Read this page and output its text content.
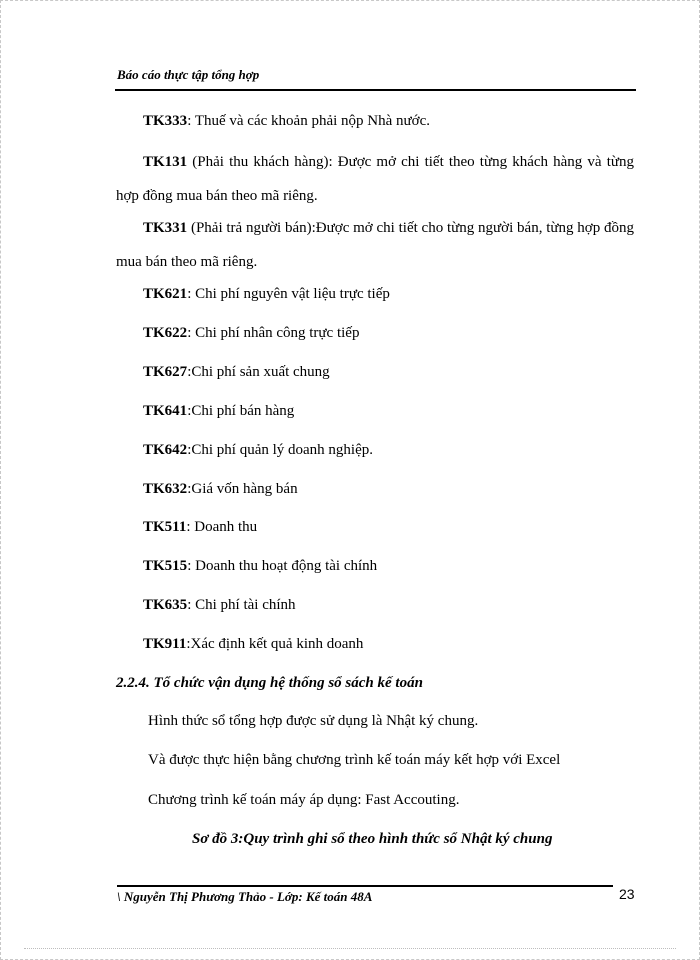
Báo cáo thực tập tổng hợp
TK333: Thuế và các khoản phải nộp Nhà nước.
TK131 (Phải thu khách hàng): Được mở chi tiết theo từng khách hàng và từng hợp đồng mua bán theo mã riêng.
TK331 (Phải trả người bán):Được mở chi tiết cho từng người bán, từng hợp đồng mua bán theo mã riêng.
TK621: Chi phí nguyên vật liệu trực tiếp
TK622: Chi phí nhân công trực tiếp
TK627:Chi phí sản xuất chung
TK641:Chi phí bán hàng
TK642:Chi phí quản lý doanh nghiệp.
TK632:Giá vốn hàng bán
TK511: Doanh thu
TK515: Doanh thu hoạt động tài chính
TK635: Chi phí tài chính
TK911:Xác định kết quả kinh doanh
2.2.4. Tổ chức vận dụng hệ thống sổ sách kế toán
Hình thức sổ tổng hợp được sử dụng là Nhật ký chung.
Và được thực hiện bằng chương trình kế toán máy kết hợp với Excel
Chương trình kế toán máy áp dụng: Fast Accouting.
Sơ đồ 3:Quy trình ghi sổ theo hình thức sổ Nhật ký chung
\ Nguyễn Thị Phương Thảo - Lớp: Kế toán 48A	23
